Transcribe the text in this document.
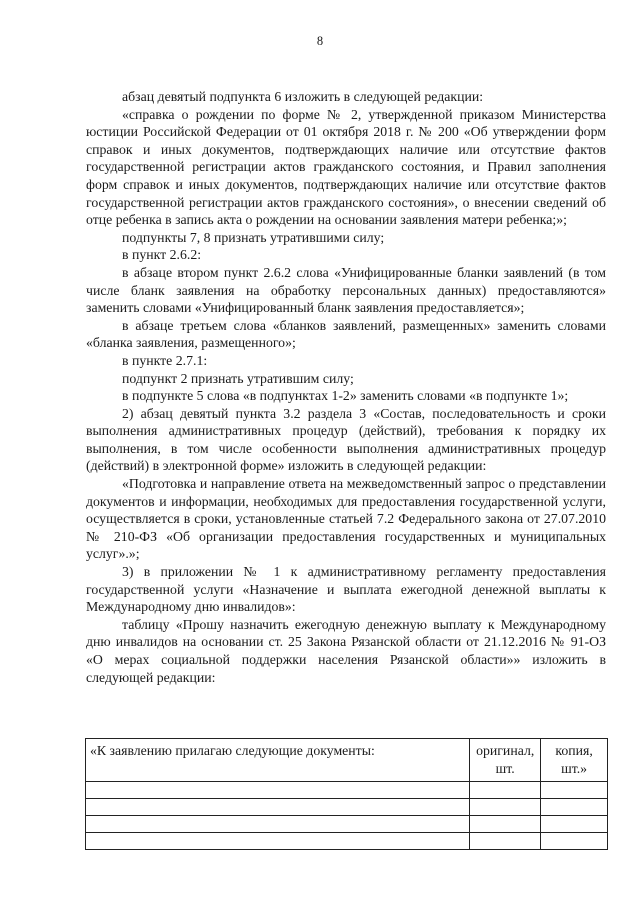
8

абзац девятый подпункта 6 изложить в следующей редакции:

«справка о рождении по форме № 2, утвержденной приказом Министерства юстиции Российской Федерации от 01 октября 2018 г. № 200 «Об утверждении форм справок и иных документов, подтверждающих наличие или отсутствие фактов государственной регистрации актов гражданского состояния, и Правил заполнения форм справок и иных документов, подтверждающих наличие или отсутствие фактов государственной регистрации актов гражданского состояния», о внесении сведений об отце ребенка в запись акта о рождении на основании заявления матери ребенка;»;

подпункты 7, 8 признать утратившими силу;

в пункт 2.6.2:

в абзаце втором пункт 2.6.2 слова «Унифицированные бланки заявлений (в том числе бланк заявления на обработку персональных данных) предоставляются» заменить словами «Унифицированный бланк заявления предоставляется»;

в абзаце третьем слова «бланков заявлений, размещенных» заменить словами «бланка заявления, размещенного»;

в пункте 2.7.1:

подпункт 2 признать утратившим силу;

в подпункте 5 слова «в подпунктах 1-2» заменить словами «в подпункте 1»;

2) абзац девятый пункта 3.2 раздела 3 «Состав, последовательность и сроки выполнения административных процедур (действий), требования к порядку их выполнения, в том числе особенности выполнения административных процедур (действий) в электронной форме» изложить в следующей редакции:

«Подготовка и направление ответа на межведомственный запрос о представлении документов и информации, необходимых для предоставления государственной услуги, осуществляется в сроки, установленные статьей 7.2 Федерального закона от 27.07.2010 № 210-ФЗ «Об организации предоставления государственных и муниципальных услуг».»;

3) в приложении № 1 к административному регламенту предоставления государственной услуги «Назначение и выплата ежегодной денежной выплаты к Международному дню инвалидов»:

таблицу «Прошу назначить ежегодную денежную выплату к Международному дню инвалидов на основании ст. 25 Закона Рязанской области от 21.12.2016 № 91-ОЗ «О мерах социальной поддержки населения Рязанской области»» изложить в следующей редакции:

«К заявлению прилагаю следующие документы:	оригинал, шт.	копия, шт.»
